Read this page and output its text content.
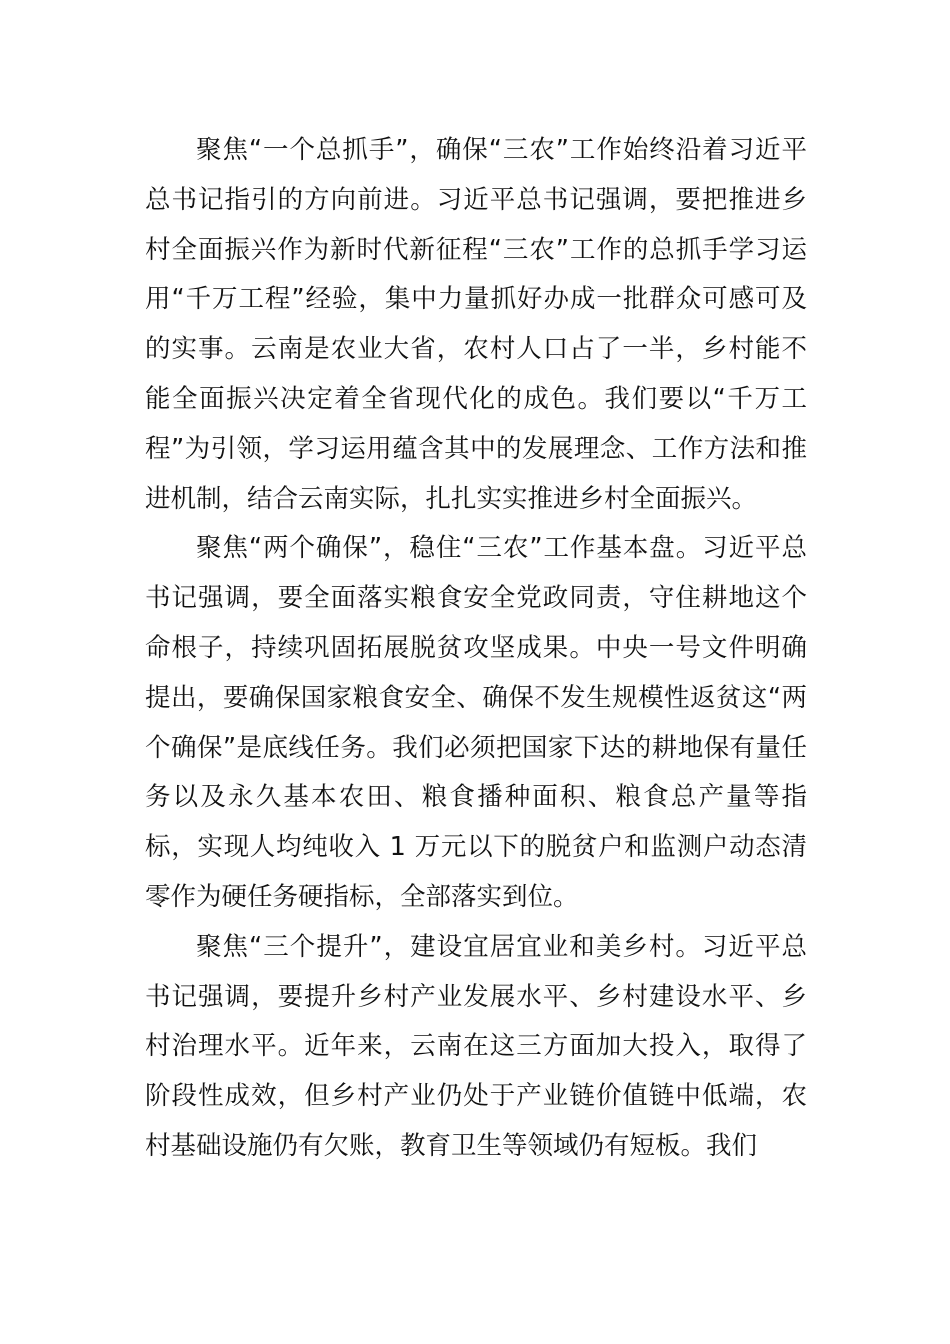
聚焦“一个总抓手”，确保“三农”工作始终沿着习近平总书记指引的方向前进。习近平总书记强调，要把推进乡村全面振兴作为新时代新征程“三农”工作的总抓手学习运用“千万工程”经验，集中力量抓好办成一批群众可感可及的实事。云南是农业大省，农村人口占了一半，乡村能不能全面振兴决定着全省现代化的成色。我们要以“千万工程”为引领，学习运用蕴含其中的发展理念、工作方法和推进机制，结合云南实际，扎扎实实推进乡村全面振兴。

聚焦“两个确保”，稳住“三农”工作基本盘。习近平总书记强调，要全面落实粮食安全党政同责，守住耕地这个命根子，持续巩固拓展脱贫攻坚成果。中央一号文件明确提出，要确保国家粮食安全、确保不发生规模性返贫这“两个确保”是底线任务。我们必须把国家下达的耕地保有量任务以及永久基本农田、粮食播种面积、粮食总产量等指标，实现人均纯收入 1 万元以下的脱贫户和监测户动态清零作为硬任务硬指标，全部落实到位。

聚焦“三个提升”，建设宜居宜业和美乡村。习近平总书记强调，要提升乡村产业发展水平、乡村建设水平、乡村治理水平。近年来，云南在这三方面加大投入，取得了阶段性成效，但乡村产业仍处于产业链价值链中低端，农村基础设施仍有欠账，教育卫生等领域仍有短板。我们
